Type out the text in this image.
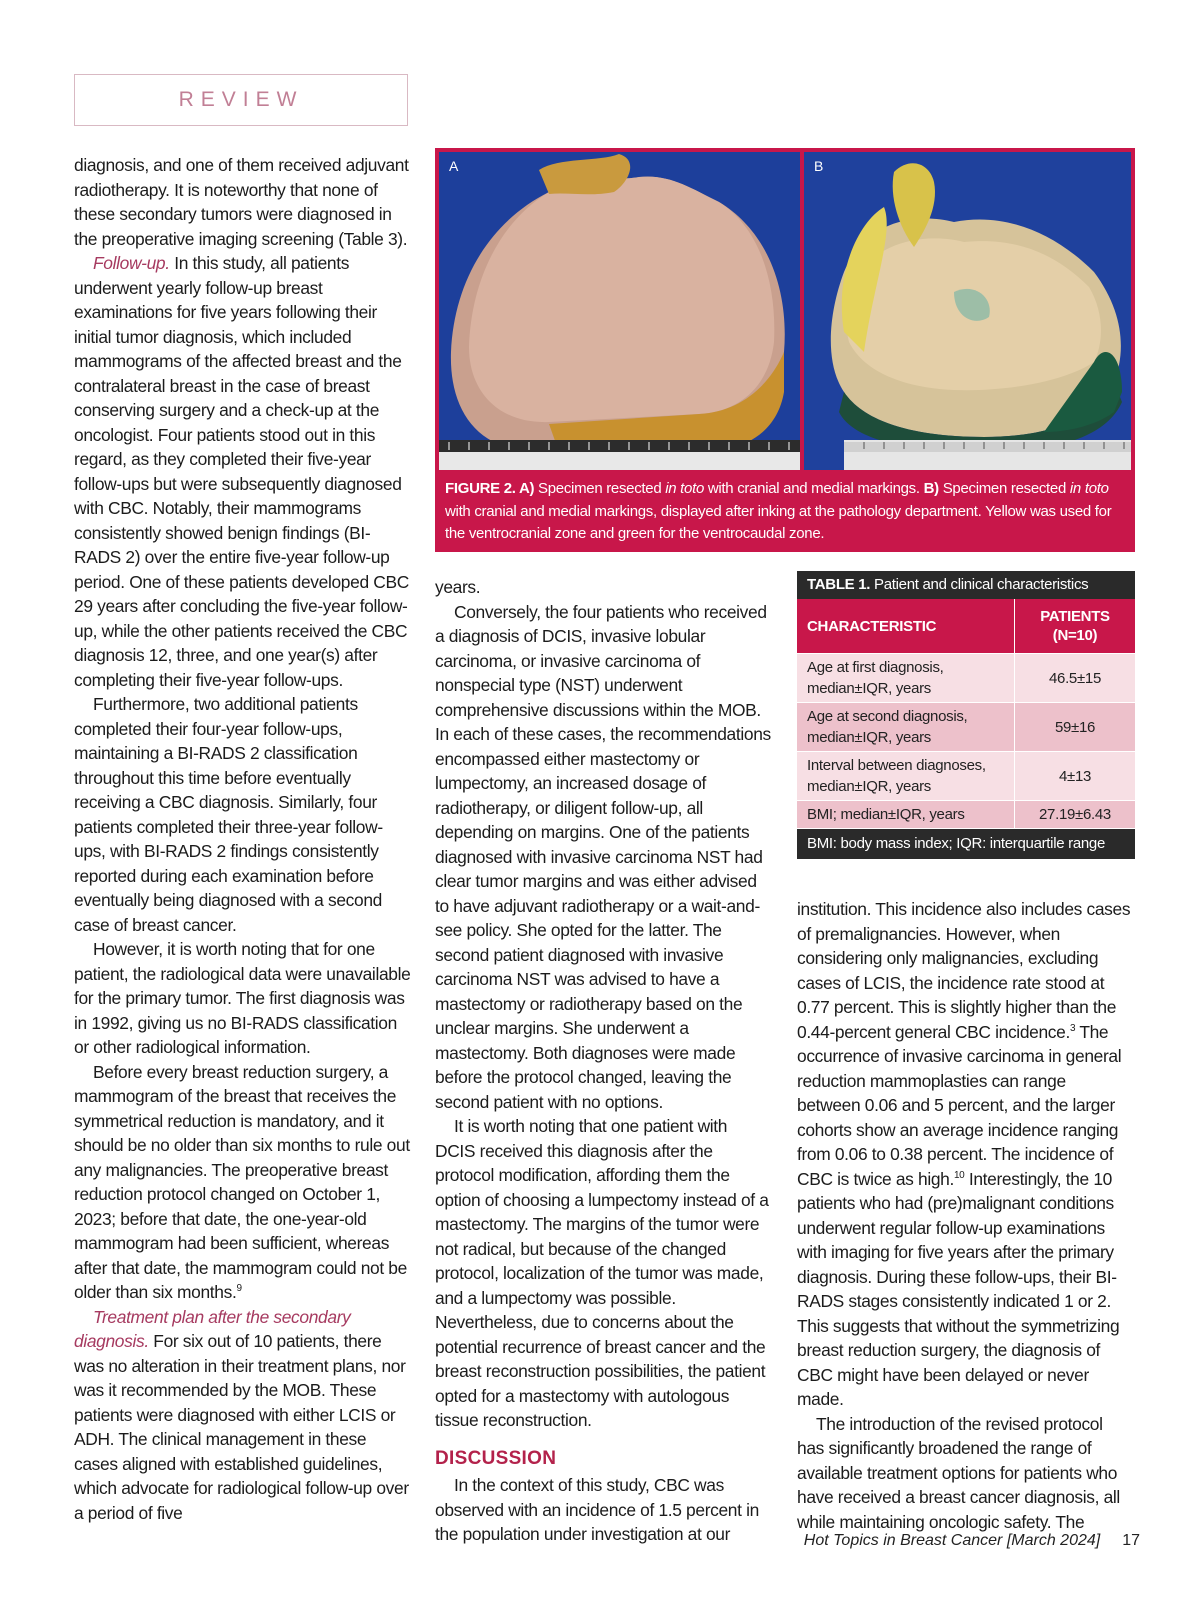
REVIEW

diagnosis, and one of them received adjuvant radiotherapy. It is noteworthy that none of these secondary tumors were diagnosed in the preoperative imaging screening (Table 3).

Follow-up. In this study, all patients underwent yearly follow-up breast examinations for five years following their initial tumor diagnosis, which included mammograms of the affected breast and the contralateral breast in the case of breast conserving surgery and a check-up at the oncologist. Four patients stood out in this regard, as they completed their five-year follow-ups but were subsequently diagnosed with CBC. Notably, their mammograms consistently showed benign findings (BI-RADS 2) over the entire five-year follow-up period. One of these patients developed CBC 29 years after concluding the five-year follow-up, while the other patients received the CBC diagnosis 12, three, and one year(s) after completing their five-year follow-ups.

Furthermore, two additional patients completed their four-year follow-ups, maintaining a BI-RADS 2 classification throughout this time before eventually receiving a CBC diagnosis. Similarly, four patients completed their three-year follow-ups, with BI-RADS 2 findings consistently reported during each examination before eventually being diagnosed with a second case of breast cancer.

However, it is worth noting that for one patient, the radiological data were unavailable for the primary tumor. The first diagnosis was in 1992, giving us no BI-RADS classification or other radiological information.

Before every breast reduction surgery, a mammogram of the breast that receives the symmetrical reduction is mandatory, and it should be no older than six months to rule out any malignancies. The preoperative breast reduction protocol changed on October 1, 2023; before that date, the one-year-old mammogram had been sufficient, whereas after that date, the mammogram could not be older than six months.$^9$

Treatment plan after the secondary diagnosis. For six out of 10 patients, there was no alteration in their treatment plans, nor was it recommended by the MOB. These patients were diagnosed with either LCIS or ADH. The clinical management in these cases aligned with established guidelines, which advocate for radiological follow-up over a period of five

A	B
FIGURE 2. A) Specimen resected in toto with cranial and medial markings. B) Specimen resected in toto with cranial and medial markings, displayed after inking at the pathology department. Yellow was used for the ventrocranial zone and green for the ventrocaudal zone.

years.

Conversely, the four patients who received a diagnosis of DCIS, invasive lobular carcinoma, or invasive carcinoma of nonspecial type (NST) underwent comprehensive discussions within the MOB. In each of these cases, the recommendations encompassed either mastectomy or lumpectomy, an increased dosage of radiotherapy, or diligent follow-up, all depending on margins. One of the patients diagnosed with invasive carcinoma NST had clear tumor margins and was either advised to have adjuvant radiotherapy or a wait-and-see policy. She opted for the latter. The second patient diagnosed with invasive carcinoma NST was advised to have a mastectomy or radiotherapy based on the unclear margins. She underwent a mastectomy. Both diagnoses were made before the protocol changed, leaving the second patient with no options.

It is worth noting that one patient with DCIS received this diagnosis after the protocol modification, affording them the option of choosing a lumpectomy instead of a mastectomy. The margins of the tumor were not radical, but because of the changed protocol, localization of the tumor was made, and a lumpectomy was possible. Nevertheless, due to concerns about the potential recurrence of breast cancer and the breast reconstruction possibilities, the patient opted for a mastectomy with autologous tissue reconstruction.

DISCUSSION

In the context of this study, CBC was observed with an incidence of 1.5 percent in the population under investigation at our

TABLE 1. Patient and clinical characteristics
CHARACTERISTIC
PATIENTS
(N=10)
Age at first diagnosis, median±IQR, years
46.5±15
Age at second diagnosis, median±IQR, years
59±16
Interval between diagnoses, median±IQR, years
4±13
BMI; median±IQR, years	27.19±6.43
BMI: body mass index; IQR: interquartile range

institution. This incidence also includes cases of premalignancies. However, when considering only malignancies, excluding cases of LCIS, the incidence rate stood at 0.77 percent. This is slightly higher than the 0.44-percent general CBC incidence.$^3$ The occurrence of invasive carcinoma in general reduction mammoplasties can range between 0.06 and 5 percent, and the larger cohorts show an average incidence ranging from 0.06 to 0.38 percent. The incidence of CBC is twice as high.$^{10}$ Interestingly, the 10 patients who had (pre)malignant conditions underwent regular follow-up examinations with imaging for five years after the primary diagnosis. During these follow-ups, their BI-RADS stages consistently indicated 1 or 2. This suggests that without the symmetrizing breast reduction surgery, the diagnosis of CBC might have been delayed or never made.

The introduction of the revised protocol has significantly broadened the range of available treatment options for patients who have received a breast cancer diagnosis, all while maintaining oncologic safety. The

Hot Topics in Breast Cancer [March 2024] 17
